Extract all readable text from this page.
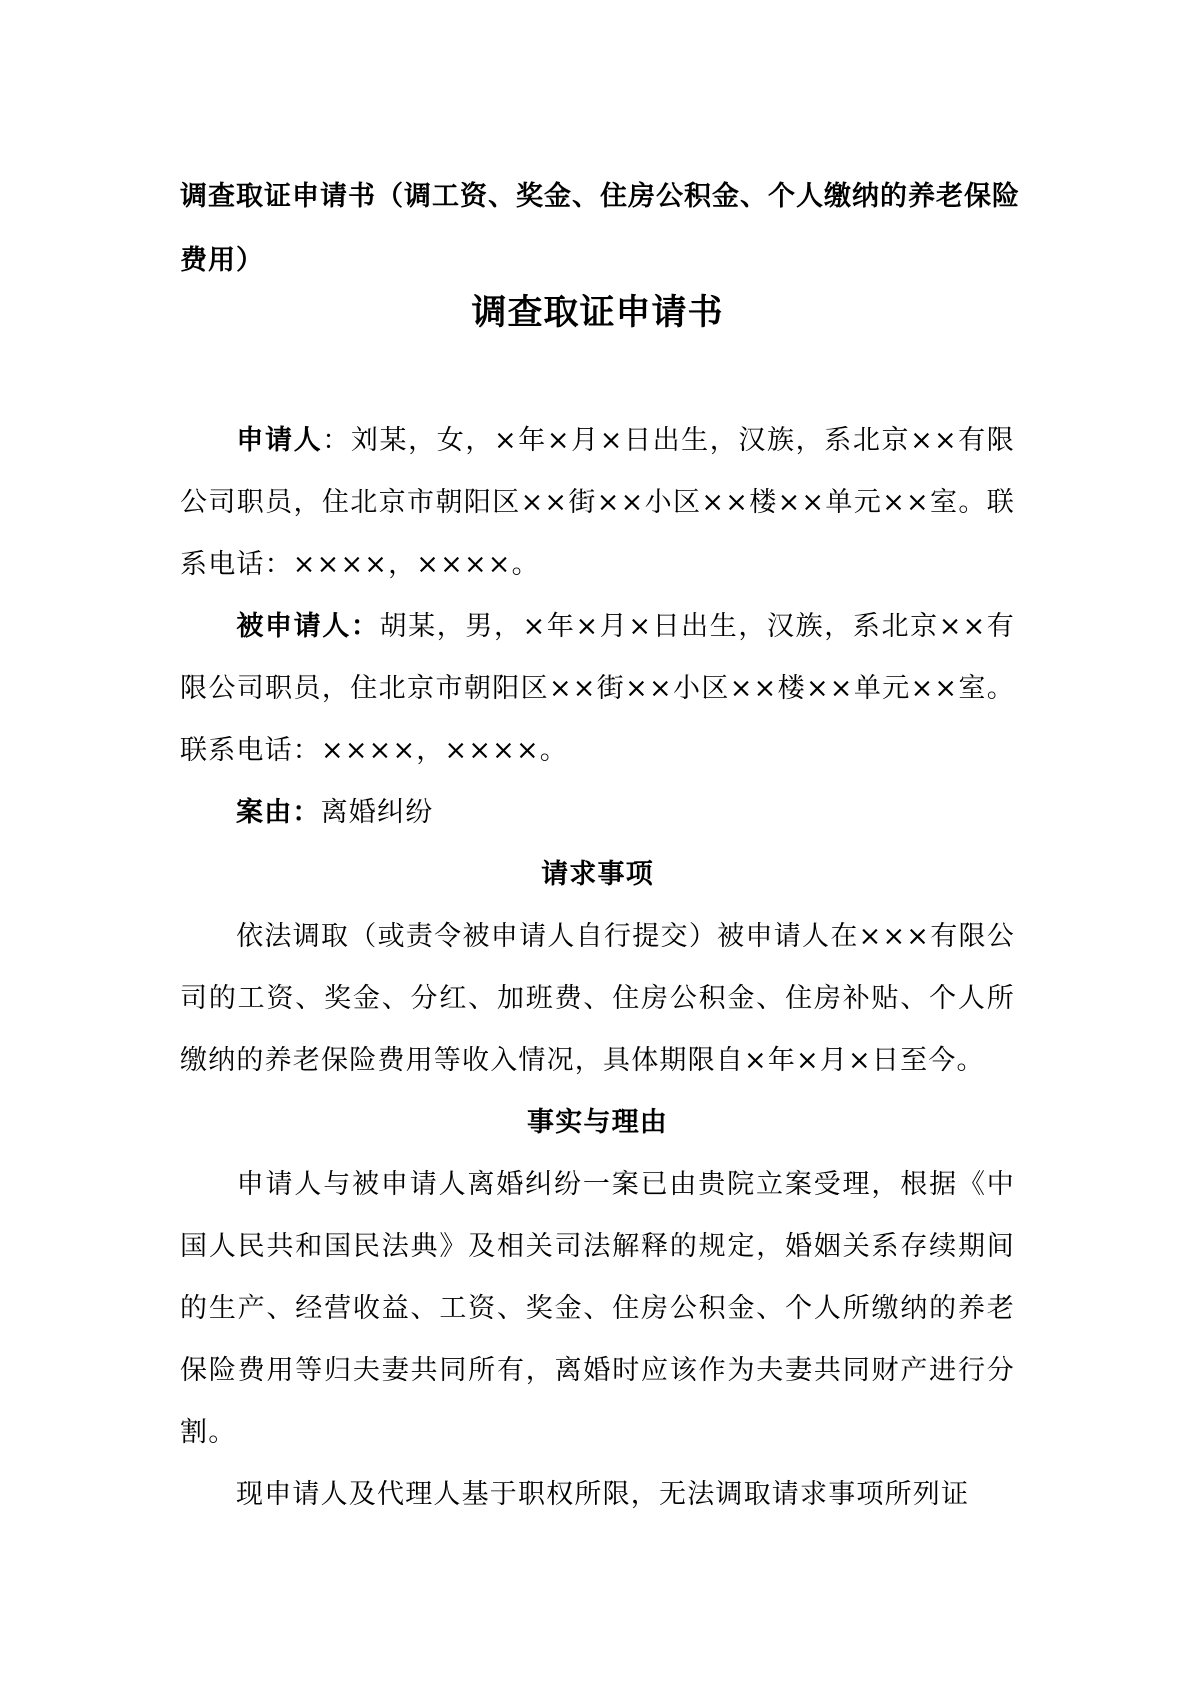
调查取证申请书（调工资、奖金、住房公积金、个人缴纳的养老保险费用）

调查取证申请书

申请人：刘某，女，×年×月×日出生，汉族，系北京××有限公司职员，住北京市朝阳区××街××小区××楼××单元××室。联系电话：××××，××××。

被申请人：胡某，男，×年×月×日出生，汉族，系北京××有限公司职员，住北京市朝阳区××街××小区××楼××单元××室。联系电话：××××，××××。

案由：离婚纠纷

请求事项

依法调取（或责令被申请人自行提交）被申请人在×××有限公司的工资、奖金、分红、加班费、住房公积金、住房补贴、个人所缴纳的养老保险费用等收入情况，具体期限自×年×月×日至今。

事实与理由

申请人与被申请人离婚纠纷一案已由贵院立案受理，根据《中国人民共和国民法典》及相关司法解释的规定，婚姻关系存续期间的生产、经营收益、工资、奖金、住房公积金、个人所缴纳的养老保险费用等归夫妻共同所有，离婚时应该作为夫妻共同财产进行分割。

现申请人及代理人基于职权所限，无法调取请求事项所列证
